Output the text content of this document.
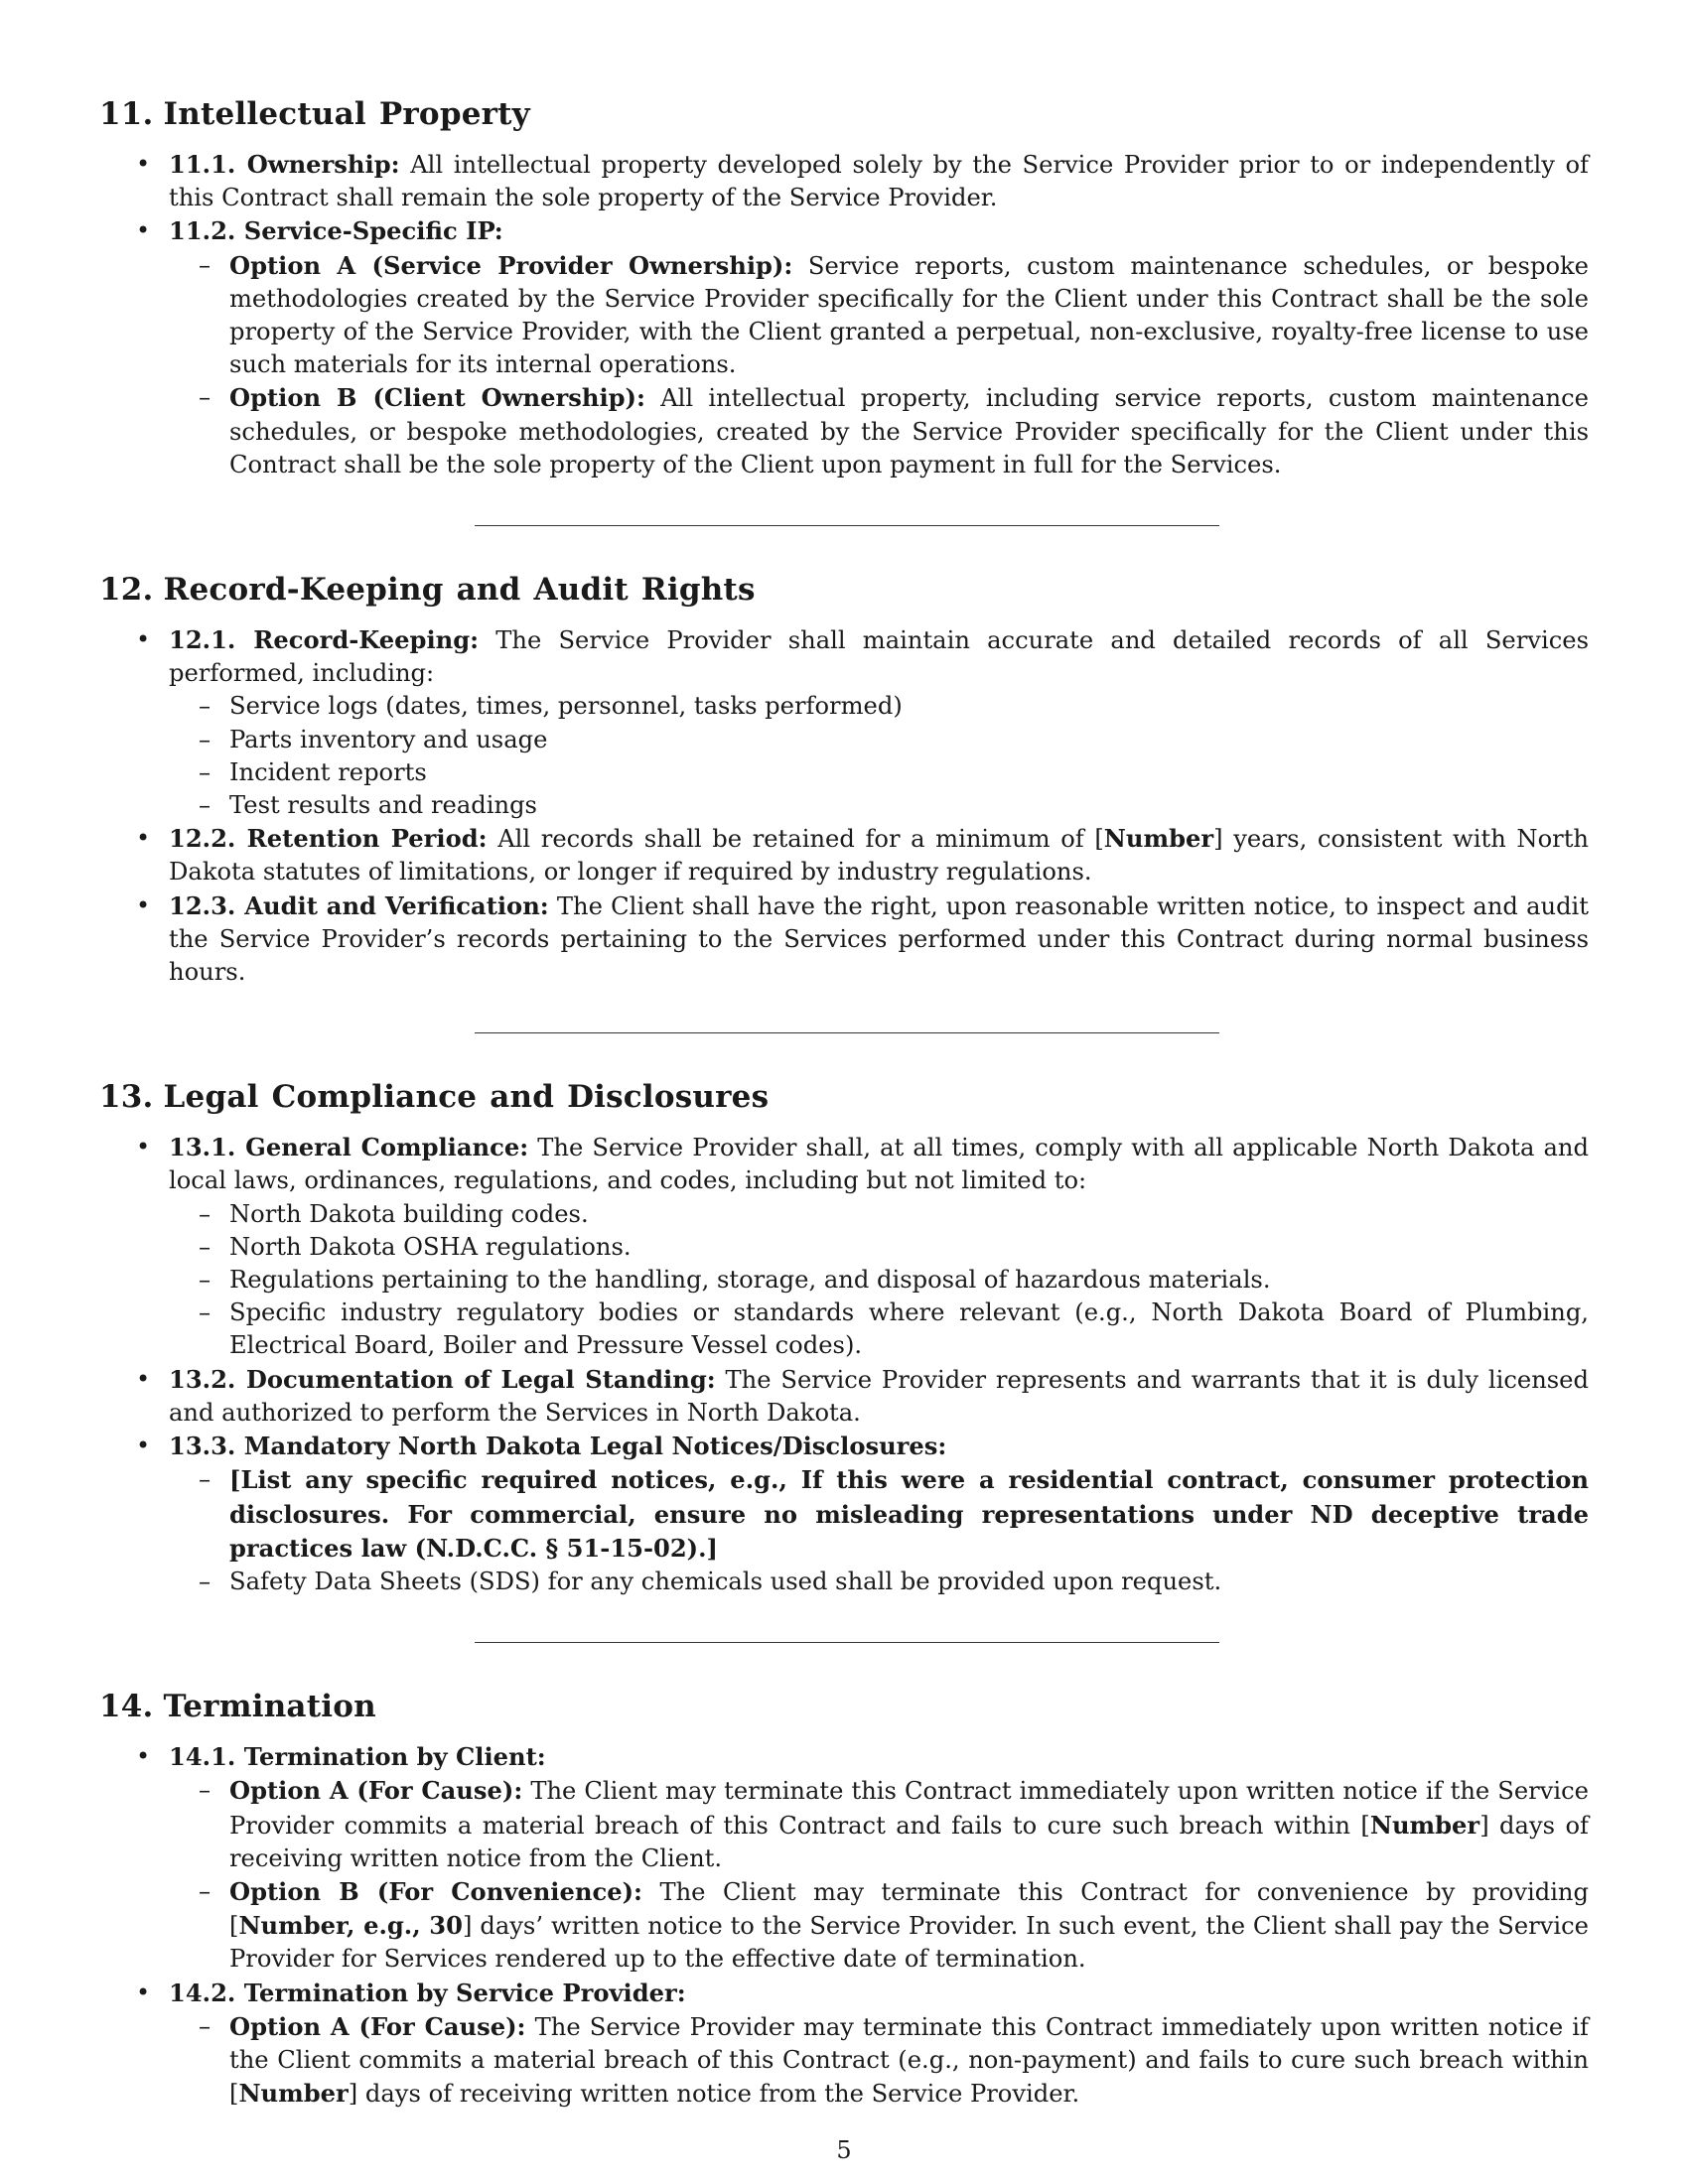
11. Intellectual Property
• 11.1. Ownership: All intellectual property developed solely by the Service Provider prior to or independently of this Contract shall remain the sole property of the Service Provider.
• 11.2. Service-Specific IP:
– Option A (Service Provider Ownership): Service reports, custom maintenance schedules, or bespoke methodologies created by the Service Provider specifically for the Client under this Contract shall be the sole property of the Service Provider, with the Client granted a perpetual, non-exclusive, royalty-free license to use such materials for its internal operations.
– Option B (Client Ownership): All intellectual property, including service reports, custom maintenance schedules, or bespoke methodologies, created by the Service Provider specifically for the Client under this Contract shall be the sole property of the Client upon payment in full for the Services.
12. Record-Keeping and Audit Rights
• 12.1. Record-Keeping: The Service Provider shall maintain accurate and detailed records of all Services performed, including:
– Service logs (dates, times, personnel, tasks performed)
– Parts inventory and usage
– Incident reports
– Test results and readings
• 12.2. Retention Period: All records shall be retained for a minimum of [Number] years, consistent with North Dakota statutes of limitations, or longer if required by industry regulations.
• 12.3. Audit and Verification: The Client shall have the right, upon reasonable written notice, to inspect and audit the Service Provider’s records pertaining to the Services performed under this Contract during normal business hours.
13. Legal Compliance and Disclosures
• 13.1. General Compliance: The Service Provider shall, at all times, comply with all applicable North Dakota and local laws, ordinances, regulations, and codes, including but not limited to:
– North Dakota building codes.
– North Dakota OSHA regulations.
– Regulations pertaining to the handling, storage, and disposal of hazardous materials.
– Specific industry regulatory bodies or standards where relevant (e.g., North Dakota Board of Plumbing, Electrical Board, Boiler and Pressure Vessel codes).
• 13.2. Documentation of Legal Standing: The Service Provider represents and warrants that it is duly licensed and authorized to perform the Services in North Dakota.
• 13.3. Mandatory North Dakota Legal Notices/Disclosures:
– [List any specific required notices, e.g., If this were a residential contract, consumer protection disclosures. For commercial, ensure no misleading representations under ND deceptive trade practices law (N.D.C.C. § 51-15-02).]
– Safety Data Sheets (SDS) for any chemicals used shall be provided upon request.
14. Termination
• 14.1. Termination by Client:
– Option A (For Cause): The Client may terminate this Contract immediately upon written notice if the Service Provider commits a material breach of this Contract and fails to cure such breach within [Number] days of receiving written notice from the Client.
– Option B (For Convenience): The Client may terminate this Contract for convenience by providing [Number, e.g., 30] days’ written notice to the Service Provider. In such event, the Client shall pay the Service Provider for Services rendered up to the effective date of termination.
• 14.2. Termination by Service Provider:
– Option A (For Cause): The Service Provider may terminate this Contract immediately upon written notice if the Client commits a material breach of this Contract (e.g., non-payment) and fails to cure such breach within [Number] days of receiving written notice from the Service Provider.
5
